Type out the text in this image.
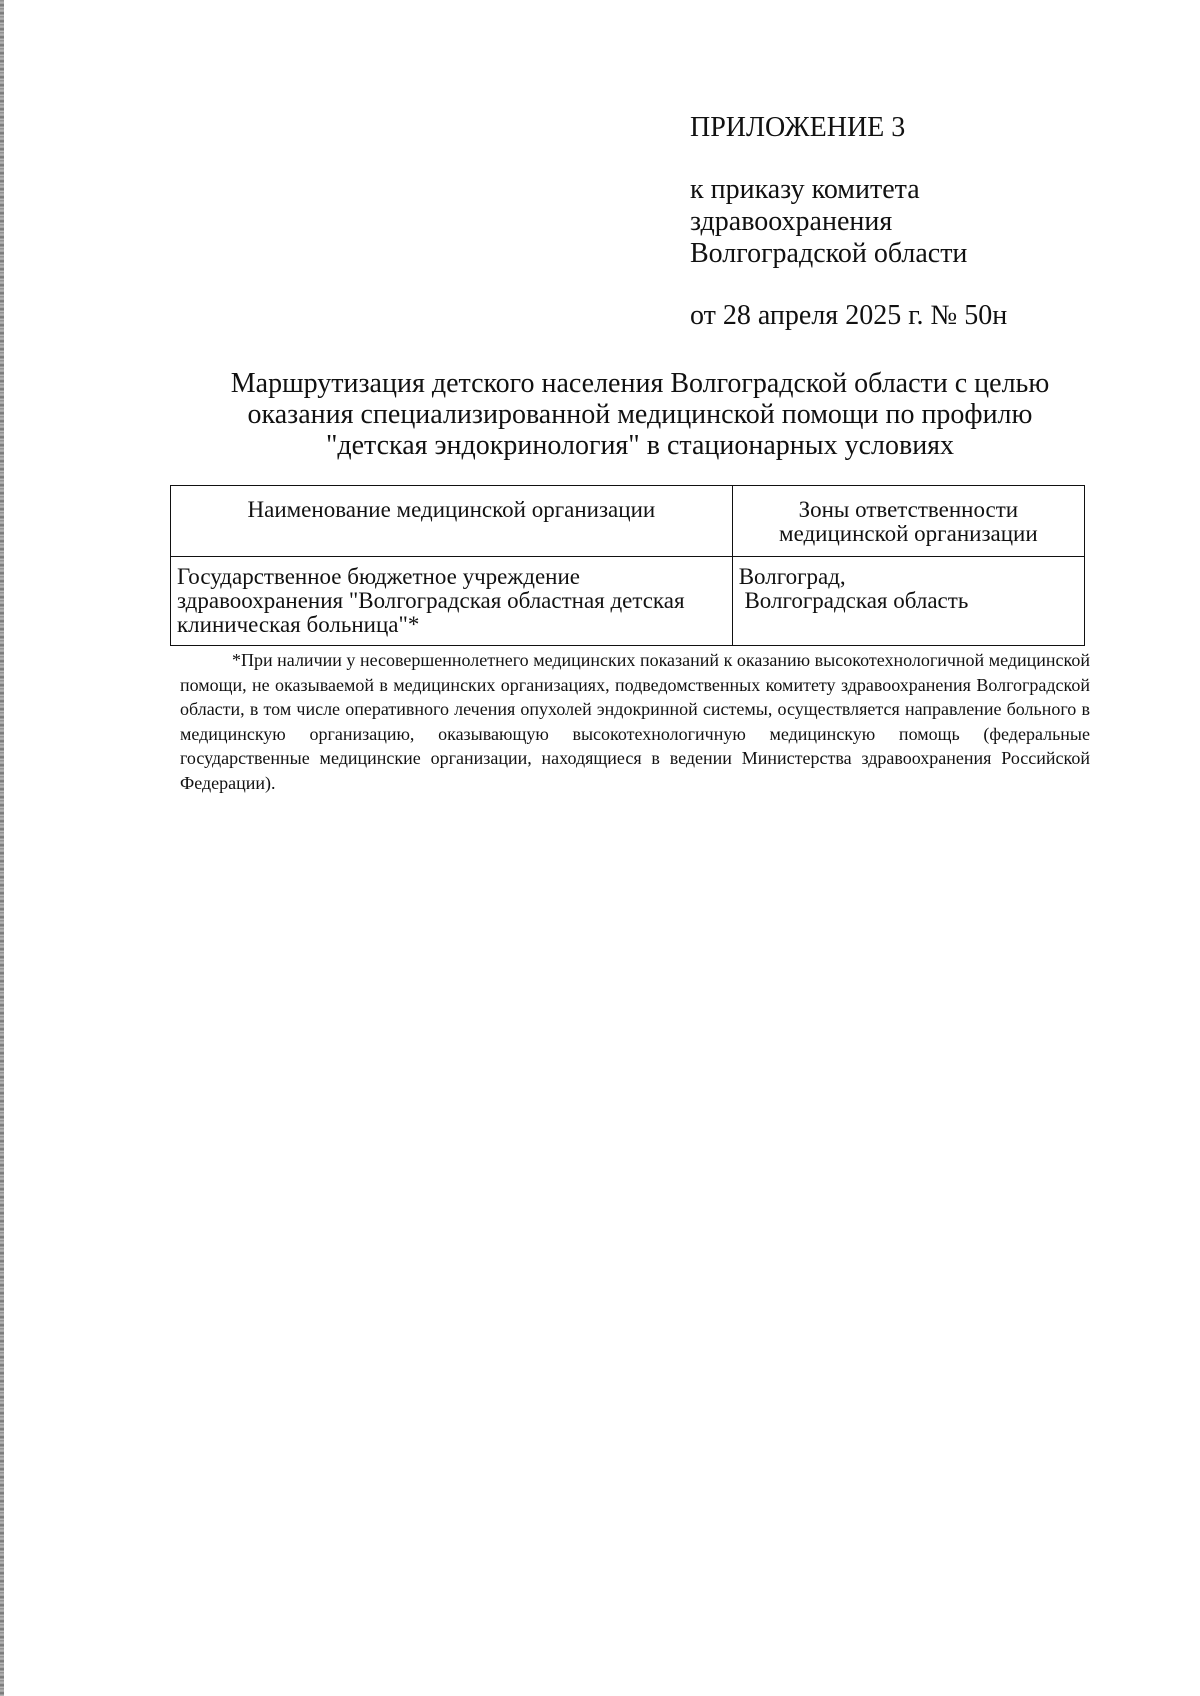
ПРИЛОЖЕНИЕ 3
к приказу комитета
здравоохранения
Волгоградской области
от 28 апреля 2025 г. № 50н
Маршрутизация детского населения Волгоградской области с целью
оказания специализированной медицинской помощи по профилю
"детская эндокринология" в стационарных условиях
Наименование медицинской организации	Зоны ответственности
медицинской организации
Государственное бюджетное учреждение
здравоохранения "Волгоградская областная детская
клиническая больница"*	Волгоград,
Волгоградская область

*При наличии у несовершеннолетнего медицинских показаний к оказанию высокотехнологичной медицинской помощи, не оказываемой в медицинских организациях, подведомственных комитету здравоохранения Волгоградской области, в том числе оперативного лечения опухолей эндокринной системы, осуществляется направление больного в медицинскую организацию, оказывающую высокотехнологичную медицинскую помощь (федеральные государственные медицинские организации, находящиеся в ведении Министерства здравоохранения Российской Федерации).
